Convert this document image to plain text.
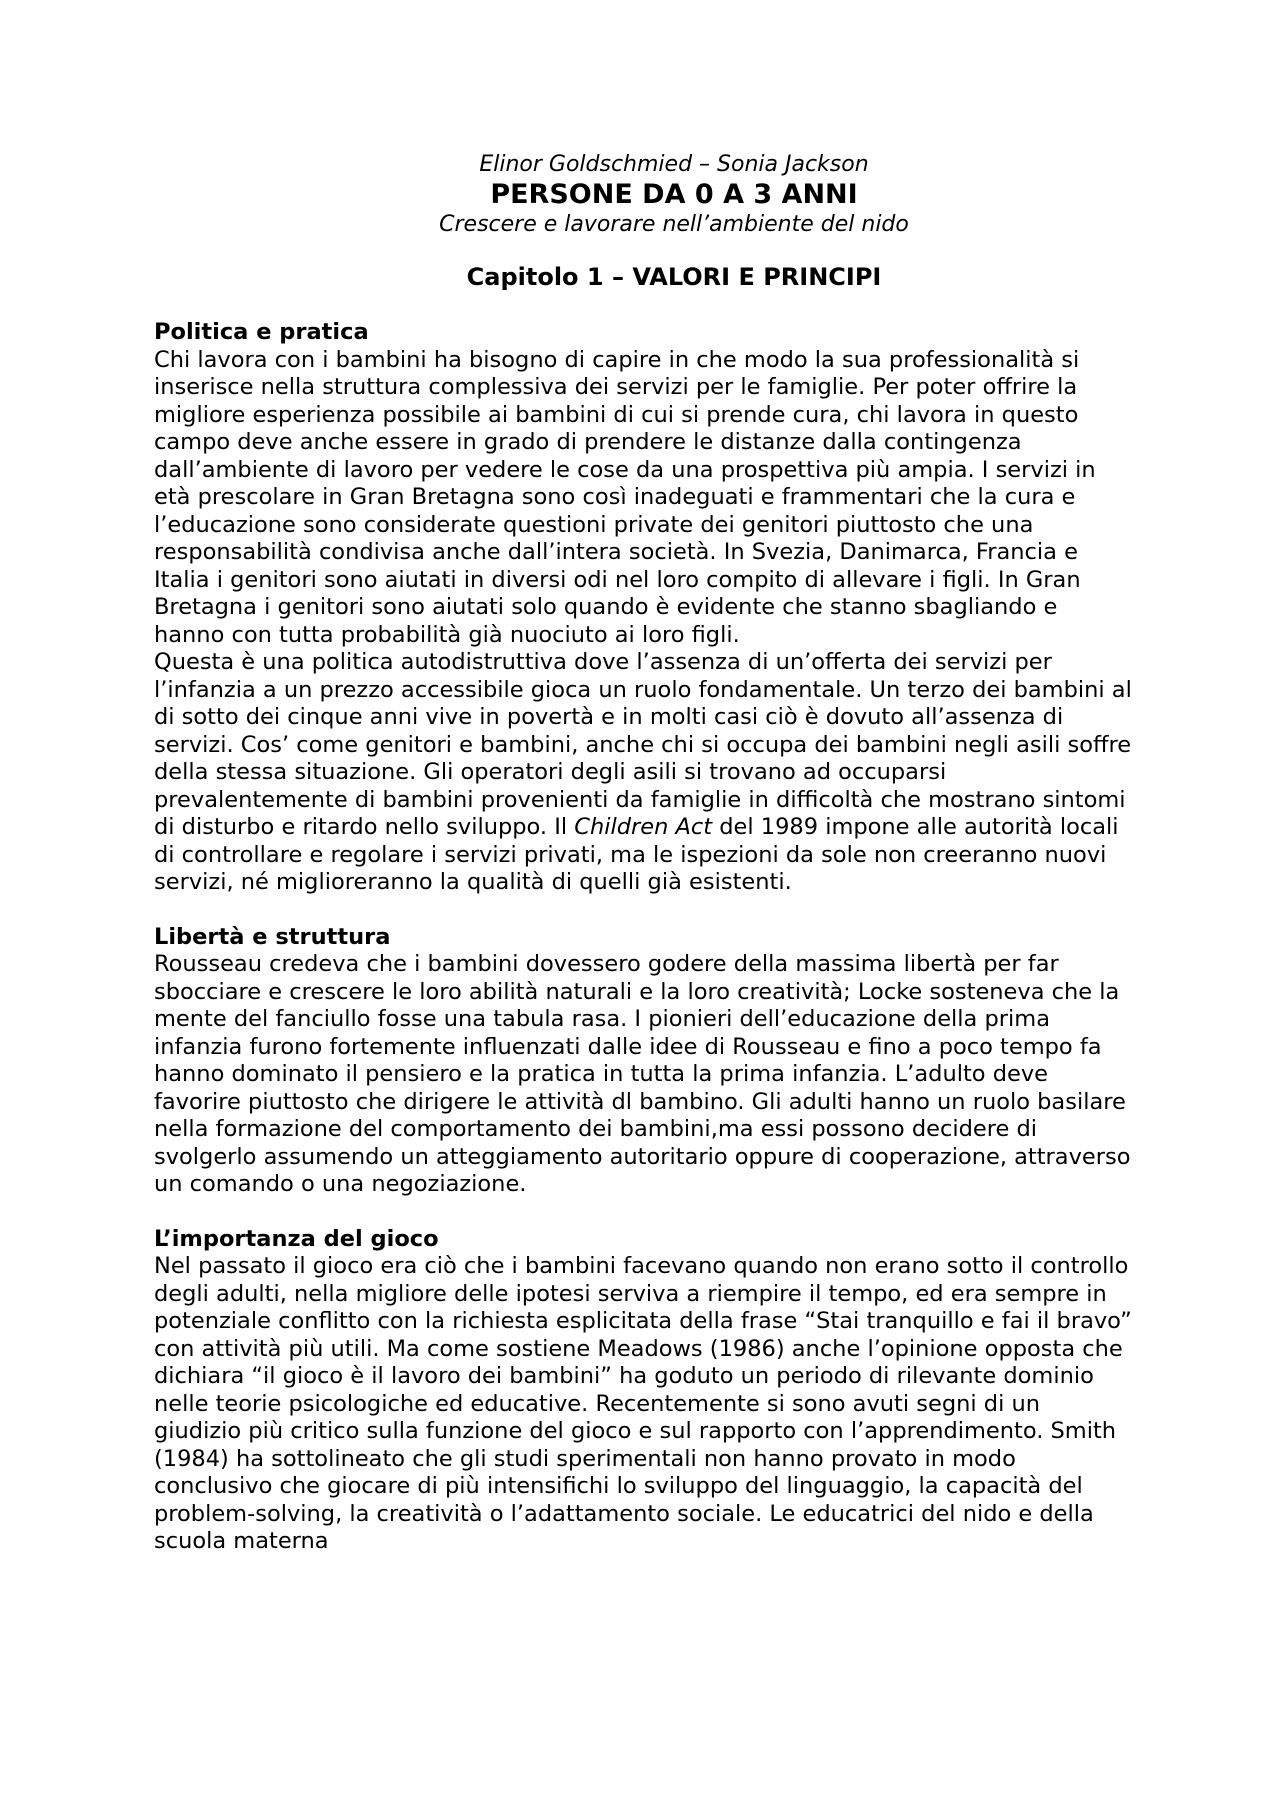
Elinor Goldschmied – Sonia Jackson
PERSONE DA 0 A 3 ANNI
Crescere e lavorare nell’ambiente del nido
Capitolo 1 – VALORI E PRINCIPI
Politica e pratica

Chi lavora con i bambini ha bisogno di capire in che modo la sua professionalità si inserisce nella struttura complessiva dei servizi per le famiglie. Per poter offrire la migliore esperienza possibile ai bambini di cui si prende cura, chi lavora in questo campo deve anche essere in grado di prendere le distanze dalla contingenza dall’ambiente di lavoro per vedere le cose da una prospettiva più ampia. I servizi in età prescolare in Gran Bretagna sono così inadeguati e frammentari che la cura e l’educazione sono considerate questioni private dei genitori piuttosto che una responsabilità condivisa anche dall’intera società. In Svezia, Danimarca, Francia e Italia i genitori sono aiutati in diversi odi nel loro compito di allevare i figli. In Gran Bretagna i genitori sono aiutati solo quando è evidente che stanno sbagliando e hanno con tutta probabilità già nuociuto ai loro figli.

Questa è una politica autodistruttiva dove l’assenza di un’offerta dei servizi per l’infanzia a un prezzo accessibile gioca un ruolo fondamentale. Un terzo dei bambini al di sotto dei cinque anni vive in povertà e in molti casi ciò è dovuto all’assenza di servizi. Cos’ come genitori e bambini, anche chi si occupa dei bambini negli asili soffre della stessa situazione. Gli operatori degli asili si trovano ad occuparsi prevalentemente di bambini provenienti da famiglie in difficoltà che mostrano sintomi di disturbo e ritardo nello sviluppo. Il Children Act del 1989 impone alle autorità locali di controllare e regolare i servizi privati, ma le ispezioni da sole non creeranno nuovi servizi, né miglioreranno la qualità di quelli già esistenti.

Libertà e struttura

Rousseau credeva che i bambini dovessero godere della massima libertà per far sbocciare e crescere le loro abilità naturali e la loro creatività; Locke sosteneva che la mente del fanciullo fosse una tabula rasa. I pionieri dell’educazione della prima infanzia furono fortemente influenzati dalle idee di Rousseau e fino a poco tempo fa hanno dominato il pensiero e la pratica in tutta la prima infanzia. L’adulto deve favorire piuttosto che dirigere le attività dl bambino. Gli adulti hanno un ruolo basilare nella formazione del comportamento dei bambini,ma essi possono decidere di svolgerlo assumendo un atteggiamento autoritario oppure di cooperazione, attraverso un comando o una negoziazione.

L’importanza del gioco

Nel passato il gioco era ciò che i bambini facevano quando non erano sotto il controllo degli adulti, nella migliore delle ipotesi serviva a riempire il tempo, ed era sempre in potenziale conflitto con la richiesta esplicitata della frase “Stai tranquillo e fai il bravo” con attività più utili. Ma come sostiene Meadows (1986) anche l’opinione opposta che dichiara “il gioco è il lavoro dei bambini” ha goduto un periodo di rilevante dominio nelle teorie psicologiche ed educative. Recentemente si sono avuti segni di un giudizio più critico sulla funzione del gioco e sul rapporto con l’apprendimento. Smith (1984) ha sottolineato che gli studi sperimentali non hanno provato in modo conclusivo che giocare di più intensifichi lo sviluppo del linguaggio, la capacità del problem-solving, la creatività o l’adattamento sociale. Le educatrici del nido e della scuola materna
